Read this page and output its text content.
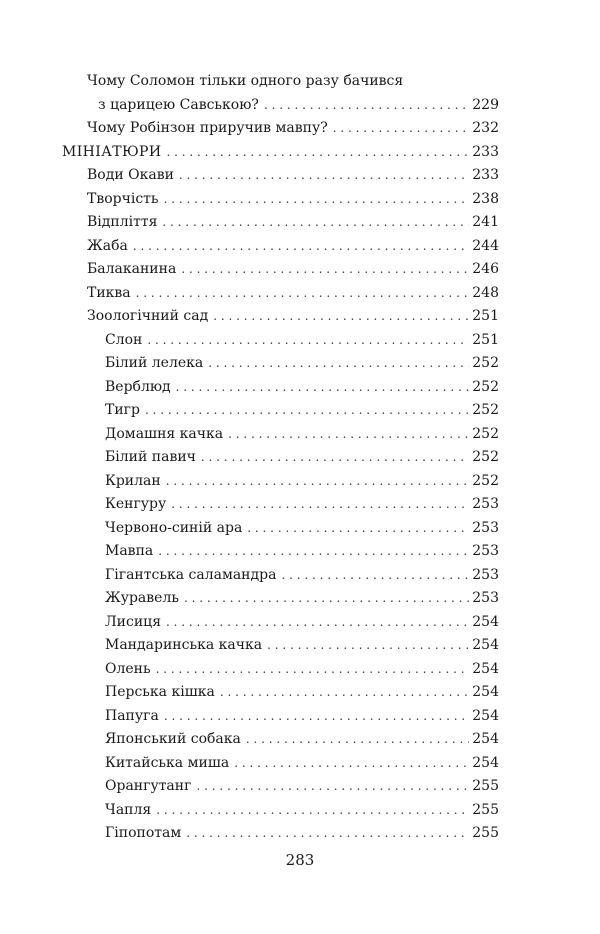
Чому Соломон тільки одного разу бачився
з царицею Савською? . . .	229
Чому Робінзон приручив мавпу? . . .	232
МІНІАТЮРИ . . .	233
Води Окави . . .	233
Творчість . . .	238
Відпліття . . .	241
Жаба . . .	244
Балаканина . . .	246
Тиква . . .	248
Зоологічний сад . . .	251
Слон . . .	251
Білий лелека . . .	252
Верблюд . . .	252
Тигр . . .	252
Домашня качка . . .	252
Білий павич . . .	252
Крилан . . .	252
Кенгуру . . .	253
Червоно-синій ара . . .	253
Мавпа . . .	253
Гігантська саламандра . . .	253
Журавель . . .	253
Лисиця . . .	254
Мандаринська качка . . .	254
Олень . . .	254
Перська кішка . . .	254
Папуга . . .	254
Японський собака . . .	254
Китайська миша . . .	254
Орангутанг . . .	255
Чапля . . .	255
Гіпопотам . . .	255
283
